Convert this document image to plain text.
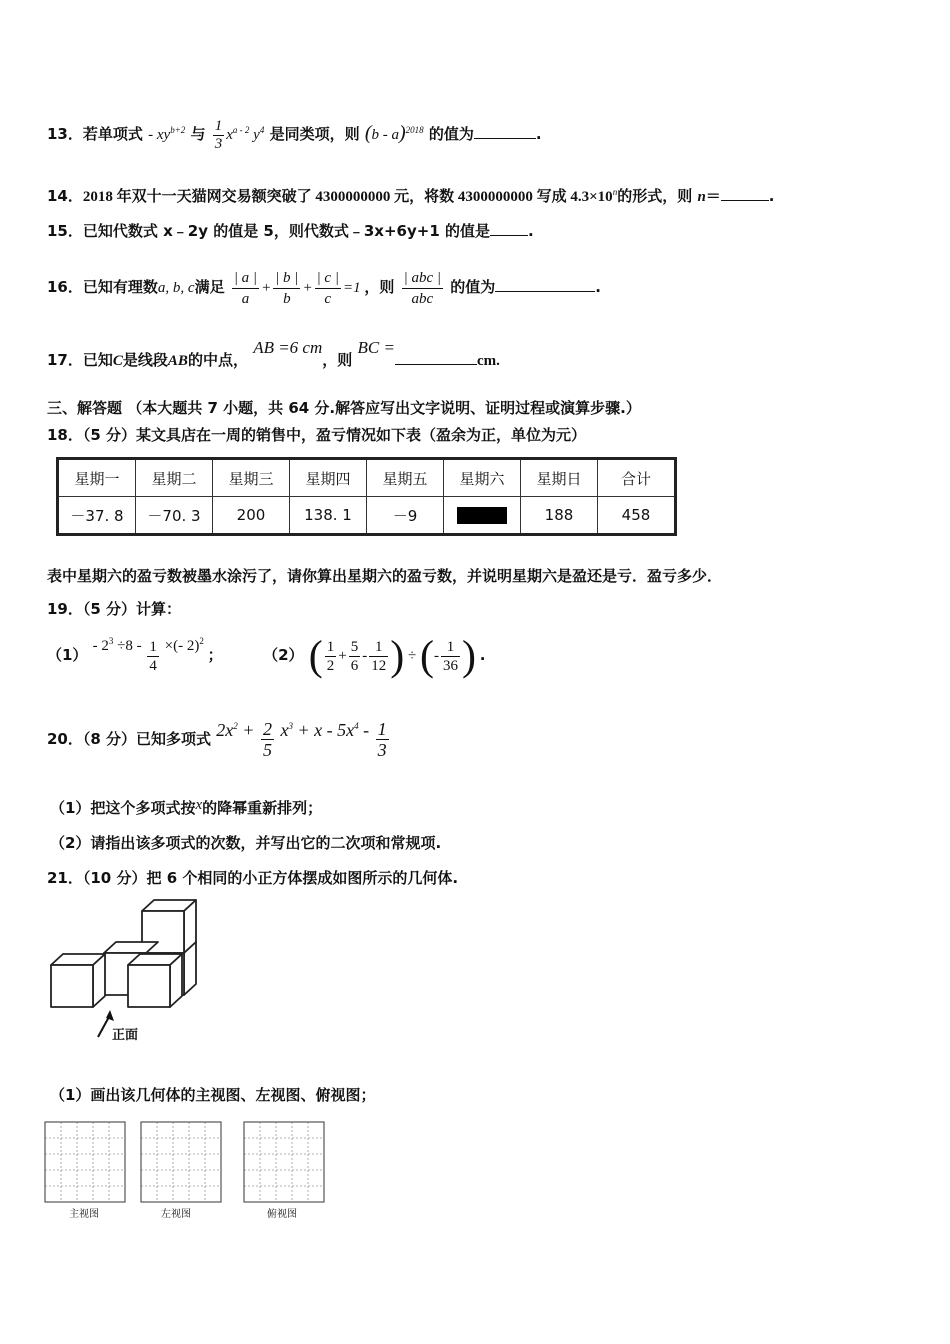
13．若单项式 - $xy^{b+2}$ 与 $\frac{1}{3} x^{a - 2}$ $y^4$ 是同类项，则 (b - a)$^{2018}$ 的值为	.
14．2018 年双十一天猫网交易额突破了 4300000000 元，将数 4300000000 写成 $4.3\times 10^n$的形式，则 n＝	.
15．已知代数式 x﹣2y 的值是 5，则代数式﹣3x+6y+1 的值是	.
16．已知有理数a, b, c满足 $\frac{| a |}{a} + \frac{| b |}{b} + \frac{| c |}{c} =1$ ，则 $\frac{\text{| abc |}}{\text{abc}}$ 的值为	.
17．已知C是线段AB的中点， AB =6 cm，则 BC =cm.
三、解答题 （本大题共 7 小题，共 64 分.解答应写出文字说明、证明过程或演算步骤.）
18．（5 分）某文具店在一周的销售中，盈亏情况如下表（盈余为正，单位为元）
星期一	星期二	星期三	星期四	星期五	星期六	星期日	合计
－37. 8	－70. 3	200	138. 1	－9		188	458
表中星期六的盈亏数被墨水涂污了，请你算出星期六的盈亏数，并说明星期六是盈还是亏．盈亏多少．
19．（5 分）计算：
$(1) - 2^3 \div 8 - \frac{1}{4}$ ×(- 2)$^2$ ；	（2） ( $\frac{1}{2} + \frac{5}{6} - \frac{1}{12}$ ) ÷ (- $\frac{1}{36}$ ) .
20．（8 分）已知多项式 $2x^2 + \frac{2}{5} x^3 + x - 5x^4 - \frac{1}{3}$
（1）把这个多项式按x的降幂重新排列；
（2）请指出该多项式的次数，并写出它的二次项和常规项.
21．（10 分）把 6 个相同的小正方体摆成如图所示的几何体.
正面
（1）画出该几何体的主视图、左视图、俯视图；
主视图	左视图	俯视图
